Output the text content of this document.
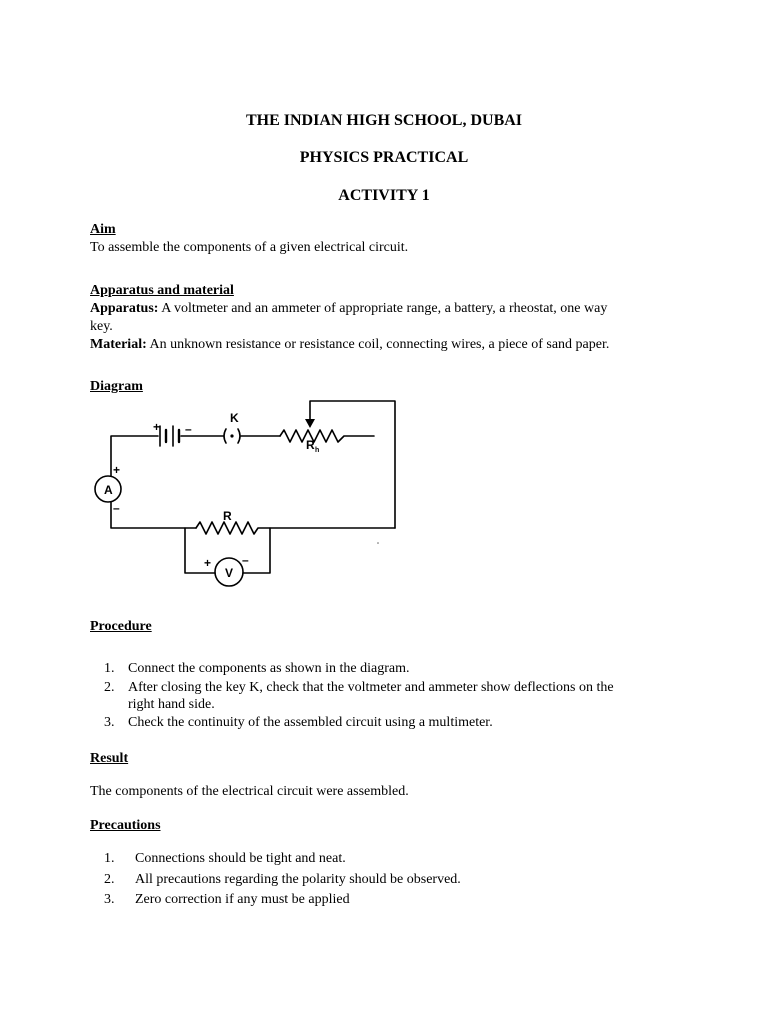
THE INDIAN HIGH SCHOOL, DUBAI
PHYSICS PRACTICAL
ACTIVITY 1
Aim
To assemble the components of a given electrical circuit.
Apparatus and material
Apparatus: A voltmeter and an ammeter of appropriate range, a battery, a rheostat, one way
key.
Material: An unknown resistance or resistance coil, connecting wires, a piece of sand paper.
Diagram
+ –
K
R h
+
–
A
R
+	–
V
Procedure
1. Connect the components as shown in the diagram.
2. After closing the key K, check that the voltmeter and ammeter show deflections on the
right hand side.
3. Check the continuity of the assembled circuit using a multimeter.
Result
The components of the electrical circuit were assembled.
Precautions
1. Connections should be tight and neat.
2. All precautions regarding the polarity should be observed.
3. Zero correction if any must be applied
